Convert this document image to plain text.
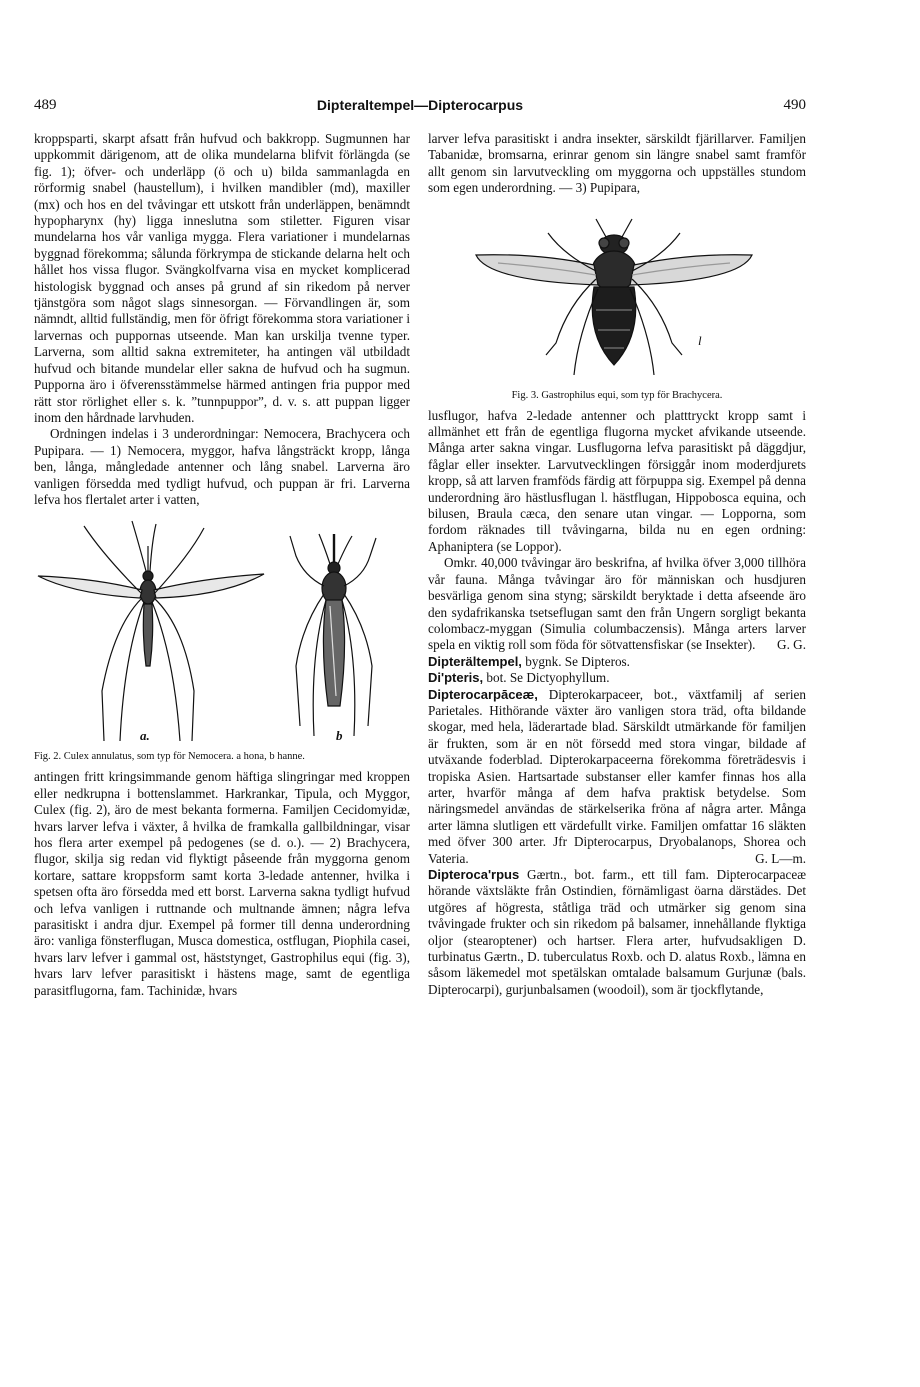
489	Dipteraltempel—Dipterocarpus	490

kroppsparti, skarpt afsatt från hufvud och bakkropp. Sugmunnen har uppkommit därigenom, att de olika mundelarna blifvit förlängda (se fig. 1); öfver- och underläpp (ö och u) bilda sammanlagda en rörformig snabel (haustellum), i hvilken mandibler (md), maxiller (mx) och hos en del tvåvingar ett utskott från underläppen, benämndt hypopharynx (hy) ligga inneslutna som stiletter. Figuren visar mundelarna hos vår vanliga mygga. Flera variationer i mundelarnas byggnad förekomma; sålunda förkrympa de stickande delarna helt och hållet hos vissa flugor. Svängkolfvarna visa en mycket komplicerad histologisk byggnad och anses på grund af sin rikedom på nerver tjänstgöra som något slags sinnesorgan. — Förvandlingen är, som nämndt, alltid fullständig, men för öfrigt förekomma stora variationer i larvernas och puppornas utseende. Man kan urskilja tvenne typer. Larverna, som alltid sakna extremiteter, ha antingen väl utbildadt hufvud och bitande mundelar eller sakna de hufvud och ha sugmun. Pupporna äro i öfverensstämmelse härmed antingen fria puppor med rätt stor rörlighet eller s. k. ”tunnpuppor”, d. v. s. att puppan ligger inom den hårdnade larvhuden.

Ordningen indelas i 3 underordningar: Nemocera, Brachycera och Pupipara. — 1) Nemocera, myggor, hafva långsträckt kropp, långa ben, långa, mångledade antenner och lång snabel. Larverna äro vanligen försedda med tydligt hufvud, och puppan är fri. Larverna lefva hos flertalet arter i vatten,

a.	b
Fig. 2. Culex annulatus, som typ för Nemocera. a hona, b hanne.

antingen fritt kringsimmande genom häftiga slingringar med kroppen eller nedkrupna i bottenslammet. Harkrankar, Tipula, och Myggor, Culex (fig. 2), äro de mest bekanta formerna. Familjen Cecidomyidæ, hvars larver lefva i växter, å hvilka de framkalla gallbildningar, visar hos flera arter exempel på pedogenes (se d. o.). — 2) Brachycera, flugor, skilja sig redan vid flyktigt påseende från myggorna genom kortare, sattare kroppsform samt korta 3-ledade antenner, hvilka i spetsen ofta äro försedda med ett borst. Larverna sakna tydligt hufvud och lefva vanligen i ruttnande och multnande ämnen; några lefva parasitiskt i andra djur. Exempel på former till denna underordning äro: vanliga fönsterflugan, Musca domestica, ostflugan, Piophila casei, hvars larv lefver i gammal ost, häststynget, Gastrophilus equi (fig. 3), hvars larv lefver parasitiskt i hästens mage, samt de egentliga parasitflugorna, fam. Tachinidæ, hvars

larver lefva parasitiskt i andra insekter, särskildt fjärillarver. Familjen Tabanidæ, bromsarna, erinrar genom sin längre snabel samt framför allt genom sin larvutveckling om myggorna och uppställes stundom som egen underordning. — 3) Pupipara,

l
Fig. 3. Gastrophilus equi, som typ för Brachycera.

lusflugor, hafva 2-ledade antenner och platttryckt kropp samt i allmänhet ett från de egentliga flugorna mycket afvikande utseende. Många arter sakna vingar. Lusflugorna lefva parasitiskt på däggdjur, fåglar eller insekter. Larvutvecklingen försiggår inom moderdjurets kropp, så att larven framföds färdig att förpuppa sig. Exempel på denna underordning äro hästlusflugan l. hästflugan, Hippobosca equina, och bilusen, Braula cæca, den senare utan vingar. — Lopporna, som fordom räknades till tvåvingarna, bilda nu en egen ordning: Aphaniptera (se Loppor).

Omkr. 40,000 tvåvingar äro beskrifna, af hvilka öfver 3,000 tillhöra vår fauna. Många tvåvingar äro för människan och husdjuren besvärliga genom sina styng; särskildt beryktade i detta afseende äro den sydafrikanska tsetseflugan samt den från Ungern sorgligt bekanta colombacz-myggan (Simulia columbaczensis). Många arters larver spela en viktig roll som föda för sötvattensfiskar (se Insekter). G. G.

Dipterältempel, bygnk. Se Dipteros.

Di'pteris, bot. Se Dictyophyllum.

Dipterocarpāceæ, Dipterokarpaceer, bot., växtfamilj af serien Parietales. Hithörande växter äro vanligen stora träd, ofta bildande skogar, med hela, läderartade blad. Särskildt utmärkande för familjen är frukten, som är en nöt försedd med stora vingar, bildade af utväxande foderblad. Dipterokarpaceerna förekomma företrädesvis i tropiska Asien. Hartsartade substanser eller kamfer finnas hos alla arter, hvarför många af dem hafva praktisk betydelse. Som näringsmedel användas de stärkelserika fröna af några arter. Många arter lämna slutligen ett värdefullt virke. Familjen omfattar 16 släkten med öfver 300 arter. Jfr Dipterocarpus, Dryobalanops, Shorea och Vateria.	G. L—m.

Dipteroca'rpus Gærtn., bot. farm., ett till fam. Dipterocarpaceæ hörande växtsläkte från Ostindien, förnämligast öarna därstädes. Det utgöres af högresta, ståtliga träd och utmärker sig genom sina tvåvingade frukter och sin rikedom på balsamer, innehållande flyktiga oljor (stearoptener) och hartser. Flera arter, hufvudsakligen D. turbinatus Gærtn., D. tuberculatus Roxb. och D. alatus Roxb., lämna en såsom läkemedel mot spetälskan omtalade balsamum Gurjunæ (bals. Dipterocarpi), gurjunbalsamen (woodoil), som är tjockflytande,
